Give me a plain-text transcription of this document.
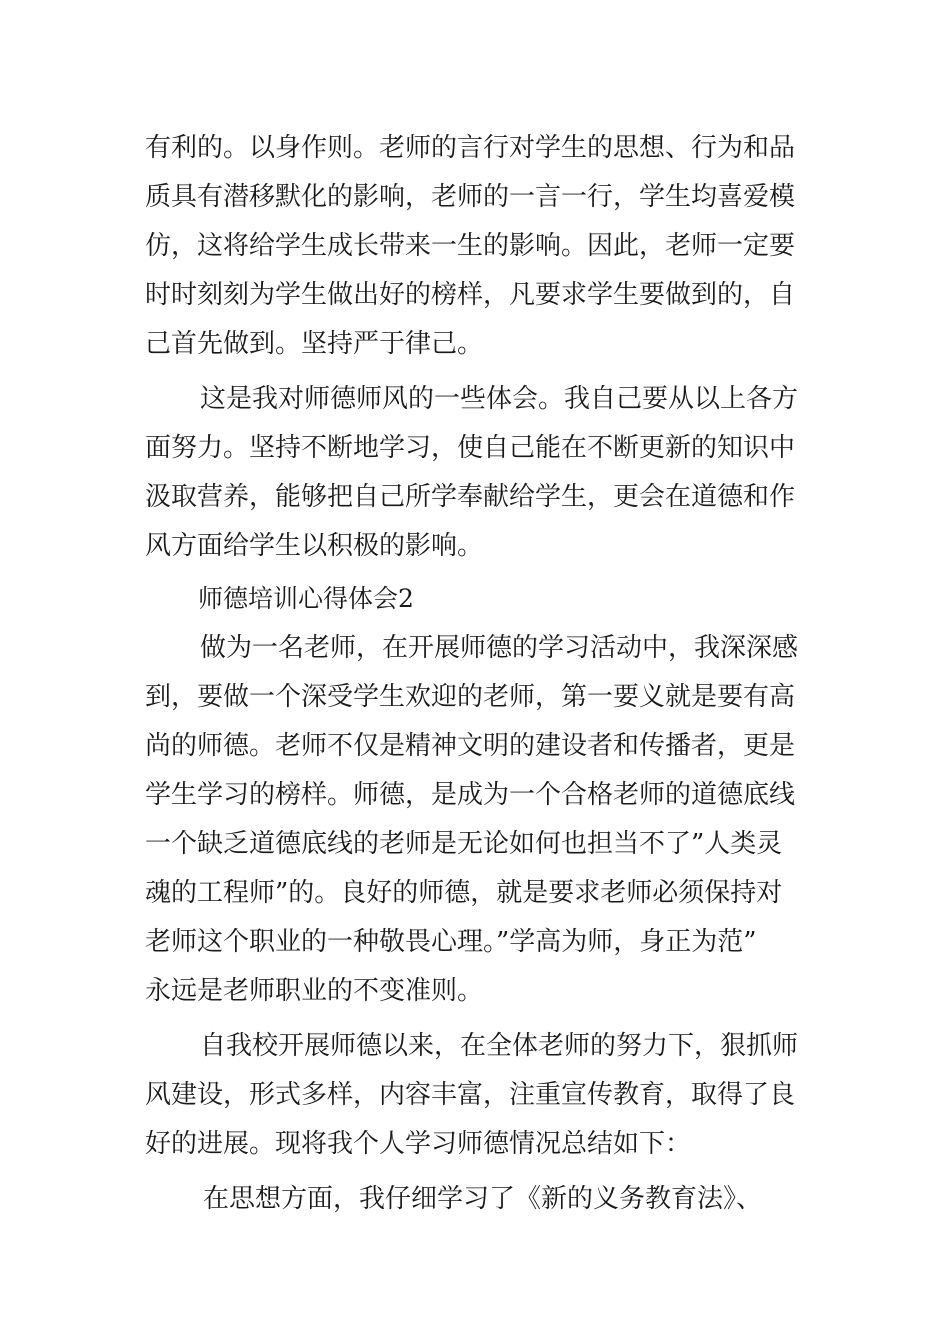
有利的。以身作则。老师的言行对学生的思想、行为和品
质具有潜移默化的影响，老师的一言一行，学生均喜爱模
仿，这将给学生成长带来一生的影响。因此，老师一定要
时时刻刻为学生做出好的榜样，凡要求学生要做到的，自
己首先做到。坚持严于律己。
这是我对师德师风的一些体会。我自己要从以上各方
面努力。坚持不断地学习，使自己能在不断更新的知识中
汲取营养，能够把自己所学奉献给学生，更会在道德和作
风方面给学生以积极的影响。
师德培训心得体会2
做为一名老师，在开展师德的学习活动中，我深深感
到，要做一个深受学生欢迎的老师，第一要义就是要有高
尚的师德。老师不仅是精神文明的建设者和传播者，更是
学生学习的榜样。师德，是成为一个合格老师的道德底线
一个缺乏道德底线的老师是无论如何也担当不了”人类灵
魂的工程师”的。良好的师德，就是要求老师必须保持对
老师这个职业的一种敬畏心理。”学高为师，身正为范”
永远是老师职业的不变准则。
自我校开展师德以来，在全体老师的努力下，狠抓师
风建设，形式多样，内容丰富，注重宣传教育，取得了良
好的进展。现将我个人学习师德情况总结如下：
在思想方面，我仔细学习了《新的义务教育法》、
